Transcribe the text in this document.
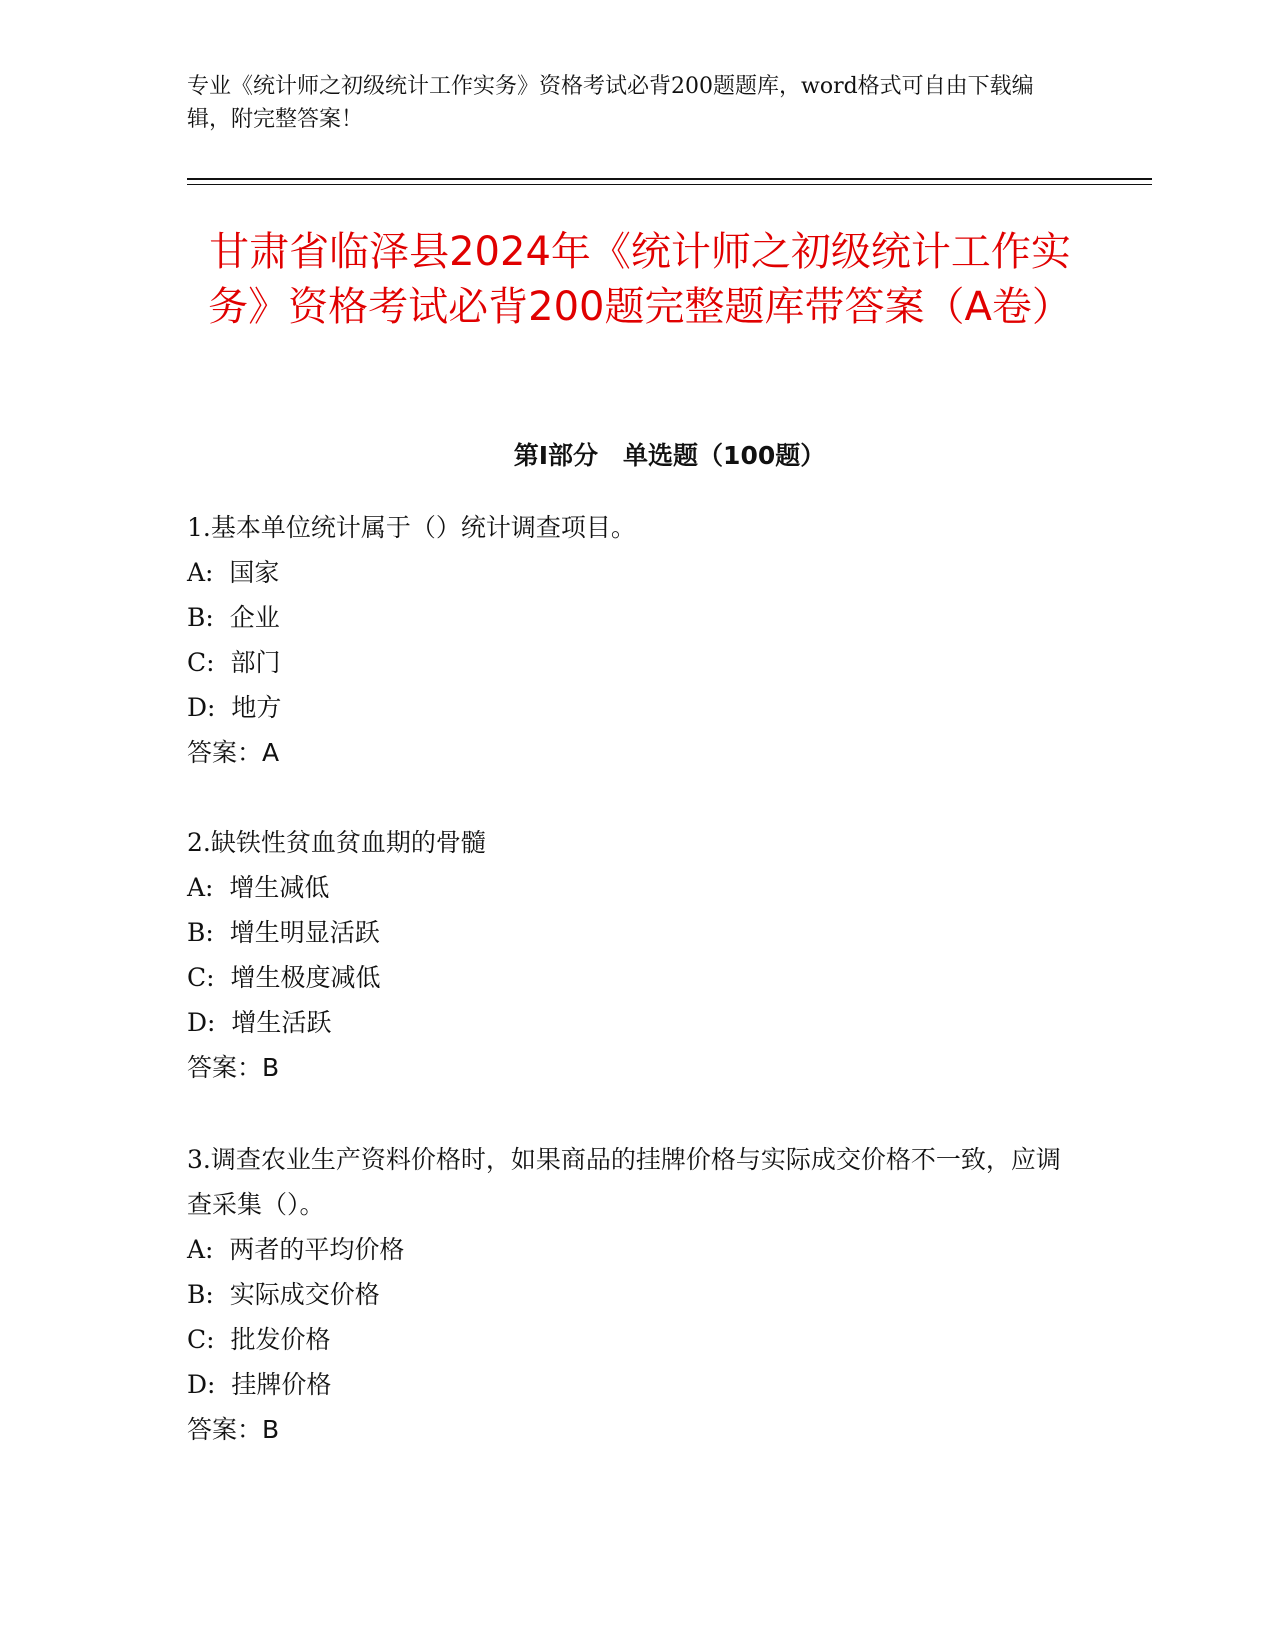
专业《统计师之初级统计工作实务》资格考试必背200题题库，word格式可自由下载编辑，附完整答案！
甘肃省临泽县2024年《统计师之初级统计工作实务》资格考试必背200题完整题库带答案（A卷）
第I部分　单选题（100题）

1.基本单位统计属于（）统计调查项目。

A:  国家

B:  企业

C:  部门

D:  地方

答案：A

2.缺铁性贫血贫血期的骨髓

A:  增生减低

B:  增生明显活跃

C:  增生极度减低

D:  增生活跃

答案：B

3.调查农业生产资料价格时，如果商品的挂牌价格与实际成交价格不一致，应调查采集（）。

A:  两者的平均价格

B:  实际成交价格

C:  批发价格

D:  挂牌价格

答案：B
